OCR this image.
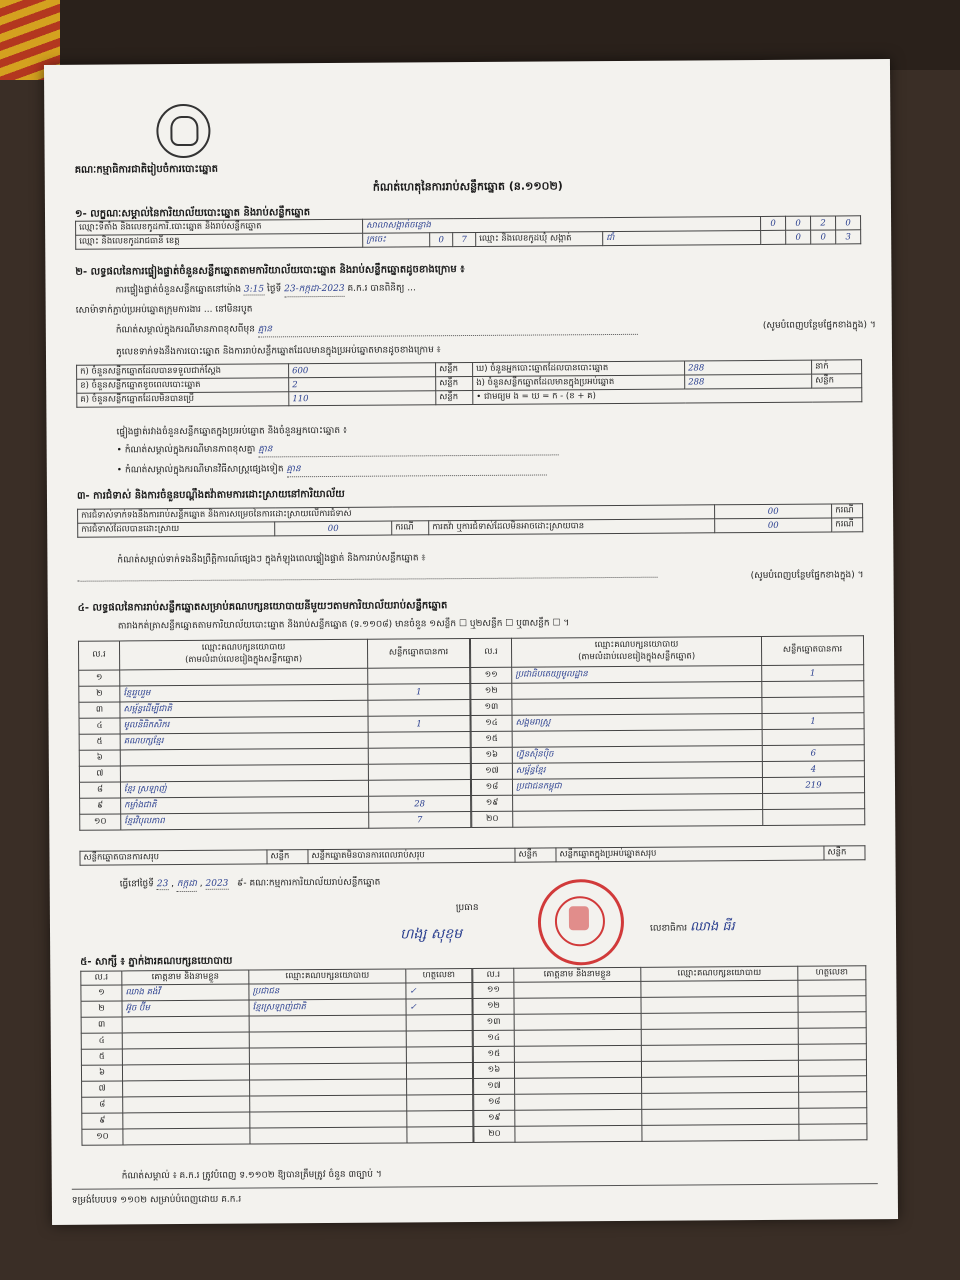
គណៈកម្មាធិការជាតិរៀបចំការបោះឆ្នោត
កំណត់ហេតុនៃការរាប់សន្លឹកឆ្នោត (ន.១១០២)
១- លក្ខណៈសម្គាល់នៃការិយាល័យបោះឆ្នោត និងរាប់សន្លឹកឆ្នោត
ឈ្មោះទីតាំង និងលេខកូដការិ.បោះឆ្នោត និងរាប់សន្លឹកឆ្នោត	សាលាសង្កាត់ចន្លោង					0	0	2	0
ឈ្មោះ និងលេខកូដរាជធានី ខេត្ត	ក្រចេះ	0	7	ឈ្មោះ និងលេខកូដឃុំ សង្កាត់	ជាំ		0	0	3
២- លទ្ធផលនៃការផ្ទៀងផ្ទាត់ចំនួនសន្លឹកឆ្នោតតាមការិយាល័យបោះឆ្នោត និងរាប់សន្លឹកឆ្នោតដូចខាងក្រោម ៖
ការផ្ទៀងផ្ទាត់ចំនួនសន្លឹកឆ្នោតនៅម៉ោង 3:15 ថ្ងៃទី 23-កក្កដា-2023 គ.ក.រ បានពិនិត្យ ...
សោម៉ាទាក់ភ្ជាប់ប្រអប់ឆ្នោតក្រុមការងារ ... នៅមិនរបូត
កំណត់សម្គាល់ក្នុងករណីមានភាពខុសពីមុន គ្មាន	(សូមបំពេញបន្ថែមផ្នែកខាងក្នុង) ។
គូលេខទាក់ទងនឹងការបោះឆ្នោត និងការរាប់សន្លឹកឆ្នោតដែលមានក្នុងប្រអប់ឆ្នោតមានដូចខាងក្រោម ៖
ក) ចំនួនសន្លឹកឆ្នោតដែលបានទទួលជាក់ស្តែង	600	សន្លឹក	ឃ) ចំនួនអ្នកបោះឆ្នោតដែលបានបោះឆ្នោត	288	នាក់
ខ) ចំនួនសន្លឹកឆ្នោតខូចពេលបោះឆ្នោត	2	សន្លឹក	ង) ចំនួនសន្លឹកឆ្នោតដែលមានក្នុងប្រអប់ឆ្នោត	288	សន្លឹក
គ) ចំនួនសន្លឹកឆ្នោតដែលមិនបានប្រើ	110	សន្លឹក	• ជាមធ្យម ង = ឃ = ក - (ខ + គ)		
ផ្ទៀងផ្ទាត់រវាងចំនួនសន្លឹកឆ្នោតក្នុងប្រអប់ឆ្នោត និងចំនួនអ្នកបោះឆ្នោត ៖
• កំណត់សម្គាល់ក្នុងករណីមានភាពខុសគ្នា គ្មាន
• កំណត់សម្គាល់ក្នុងករណីមានវិធីសាស្ត្រផ្សេងទៀត គ្មាន
៣- ការជំទាស់ និងការចំនួនបណ្តឹងតវ៉ាតាមការដោះស្រាយនៅការិយាល័យ
ការជំទាស់ទាក់ទងនឹងការរាប់សន្លឹកឆ្នោត និងការសម្រេចនៃការដោះស្រាយលើការជំទាស់				00	ករណី
ការជំទាស់ដែលបានដោះស្រាយ	00	ករណី	ការតវ៉ា ឬការជំទាស់ដែលមិនអាចដោះស្រាយបាន	00	ករណី
កំណត់សម្គាល់ទាក់ទងនឹងព្រឹត្តិការណ៍ផ្សេងៗ ក្នុងកំឡុងពេលផ្ទៀងផ្ទាត់ និងការរាប់សន្លឹកឆ្នោត ៖
(សូមបំពេញបន្ថែមផ្នែកខាងក្នុង) ។
៤- លទ្ធផលនៃការរាប់សន្លឹកឆ្នោតសម្រាប់គណបក្សនយោបាយនីមួយៗតាមការិយាល័យរាប់សន្លឹកឆ្នោត
តារាងកត់ត្រាសន្លឹកឆ្នោតតាមការិយាល័យបោះឆ្នោត និងរាប់សន្លឹកឆ្នោត (ទ.១១០៨) មានចំនួន ១សន្លឹក ☐ ឬ២សន្លឹក ☐ ឬ៣សន្លឹក ☐ ។
ល.រ	ឈ្មោះគណបក្សនយោបាយ
(តាមលំដាប់លេខរៀងក្នុងសន្លឹកឆ្នោត)	សន្លឹកឆ្នោតបានការ
១		
២	ខ្មែររួបរួម	1
៣	សម្ព័ន្ធដើម្បីជាតិ	
៤	មូលនិធិកសិករ	1
៥	គណបក្សខ្មែរ	
៦		
៧		
៨	ខ្មែរ ស្រឡាញ់	
៩	កម្លាំងជាតិ	28
១០	ខ្មែរវិបុលភាព	7
ល.រ	ឈ្មោះគណបក្សនយោបាយ
(តាមលំដាប់លេខរៀងក្នុងសន្លឹកឆ្នោត)	សន្លឹកឆ្នោតបានការ
១១	ប្រជាធិបតេយ្យមូលដ្ឋាន	1
១២		
១៣		
១៤	សង្គមរាស្ត្រ	1
១៥		
១៦	ហ្វ៊ុនស៊ិនប៉ិច	6
១៧	សម្ព័ន្ធខ្មែរ	4
១៨	ប្រជាជនកម្ពុជា	219
១៩		
២០		
សន្លឹកឆ្នោតបានការសរុប	សន្លឹក	សន្លឹកឆ្នោតមិនបានការពេលរាប់សរុប	សន្លឹក	សន្លឹកឆ្នោតក្នុងប្រអប់ឆ្នោតសរុប	សន្លឹក
ធ្វើនៅថ្ងៃទី 23 , កក្កដា , 2023 ៩- គណៈកម្មការការិយាល័យរាប់សន្លឹកឆ្នោត
ប្រធាន
ហង្ស សុខុម	លេខាធិការ ឈាង ធីរ
៥- សាក្សី ៖ ភ្នាក់ងារគណបក្សនយោបាយ
ល.រ	គោត្តនាម និងនាមខ្លួន	ឈ្មោះគណបក្សនយោបាយ	ហត្ថលេខា
១	ឈាង គង់វី	ប្រជាជន	✓
២	អ៊ូច ប៊ីម	ខ្មែរស្រឡាញ់ជាតិ	✓
៣			
៤			
៥			
៦			
៧			
៨			
៩			
១០			
ល.រ	គោត្តនាម និងនាមខ្លួន	ឈ្មោះគណបក្សនយោបាយ	ហត្ថលេខា
១១			
១២			
១៣			
១៤			
១៥			
១៦			
១៧			
១៨			
១៩			
២០			
កំណត់សម្គាល់ ៖ គ.ក.រ ត្រូវបំពេញ ទ.១១០២ ឱ្យបានត្រឹមត្រូវ ចំនួន ៣ច្បាប់ ។
ទម្រង់បែបបទ ១១០២ សម្រាប់បំពេញដោយ គ.ក.រ
